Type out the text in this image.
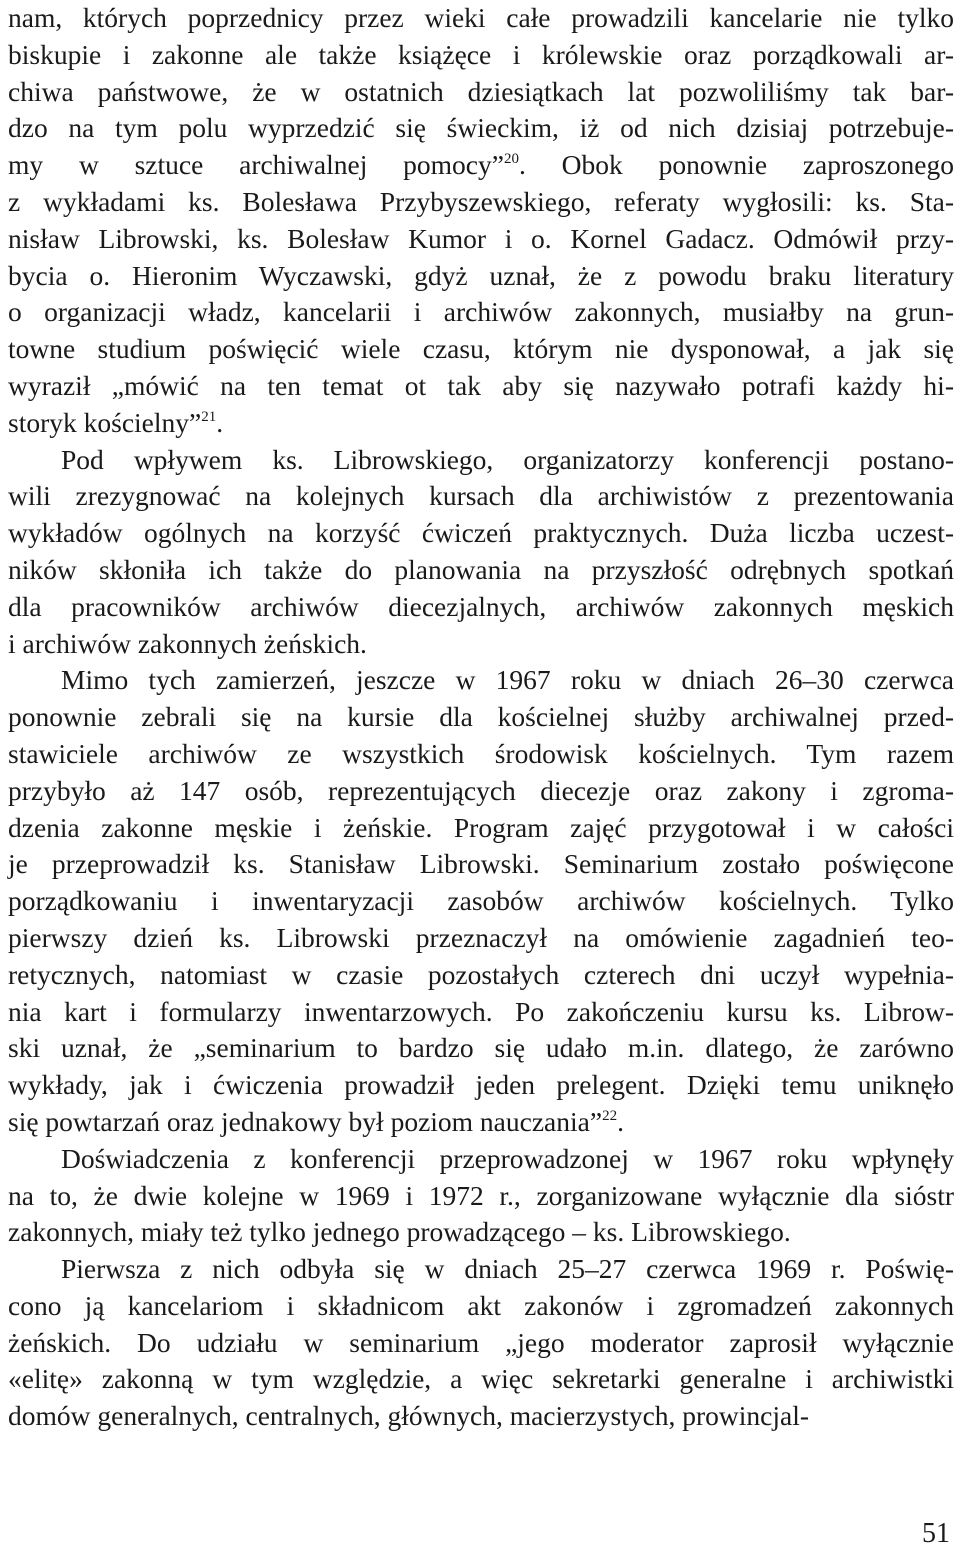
nam, których poprzednicy przez wieki całe prowadzili kancelarie nie tylko
biskupie i zakonne ale także książęce i królewskie oraz porządkowali ar-
chiwa państwowe, że w ostatnich dziesiątkach lat pozwoliliśmy tak bar-
dzo na tym polu wyprzedzić się świeckim, iż od nich dzisiaj potrzebuje-
my w sztuce archiwalnej pomocy”$^{20}$. Obok ponownie zaproszonego
z wykładami ks. Bolesława Przybyszewskiego, referaty wygłosili: ks. Sta-
nisław Librowski, ks. Bolesław Kumor i o. Kornel Gadacz. Odmówił przy-
bycia o. Hieronim Wyczawski, gdyż uznał, że z powodu braku literatury
o organizacji władz, kancelarii i archiwów zakonnych, musiałby na grun-
towne studium poświęcić wiele czasu, którym nie dysponował, a jak się
wyraził „mówić na ten temat ot tak aby się nazywało potrafi każdy hi-
storyk kościelny”$^{21}$.
Pod wpływem ks. Librowskiego, organizatorzy konferencji postano-
wili zrezygnować na kolejnych kursach dla archiwistów z prezentowania
wykładów ogólnych na korzyść ćwiczeń praktycznych. Duża liczba uczest-
ników skłoniła ich także do planowania na przyszłość odrębnych spotkań
dla pracowników archiwów diecezjalnych, archiwów zakonnych męskich
i archiwów zakonnych żeńskich.
Mimo tych zamierzeń, jeszcze w 1967 roku w dniach 26–30 czerwca
ponownie zebrali się na kursie dla kościelnej służby archiwalnej przed-
stawiciele archiwów ze wszystkich środowisk kościelnych. Tym razem
przybyło aż 147 osób, reprezentujących diecezje oraz zakony i zgroma-
dzenia zakonne męskie i żeńskie. Program zajęć przygotował i w całości
je przeprowadził ks. Stanisław Librowski. Seminarium zostało poświęcone
porządkowaniu i inwentaryzacji zasobów archiwów kościelnych. Tylko
pierwszy dzień ks. Librowski przeznaczył na omówienie zagadnień teo-
retycznych, natomiast w czasie pozostałych czterech dni uczył wypełnia-
nia kart i formularzy inwentarzowych. Po zakończeniu kursu ks. Librow-
ski uznał, że „seminarium to bardzo się udało m.in. dlatego, że zarówno
wykłady, jak i ćwiczenia prowadził jeden prelegent. Dzięki temu uniknęło
się powtarzań oraz jednakowy był poziom nauczania”$^{22}$.
Doświadczenia z konferencji przeprowadzonej w 1967 roku wpłynęły
na to, że dwie kolejne w 1969 i 1972 r., zorganizowane wyłącznie dla sióstr
zakonnych, miały też tylko jednego prowadzącego – ks. Librowskiego.
Pierwsza z nich odbyła się w dniach 25–27 czerwca 1969 r. Poświę-
cono ją kancelariom i składnicom akt zakonów i zgromadzeń zakonnych
żeńskich. Do udziału w seminarium „jego moderator zaprosił wyłącznie
«elitę» zakonną w tym względzie, a więc sekretarki generalne i archiwistki
domów generalnych, centralnych, głównych, macierzystych, prowincjal-
51
